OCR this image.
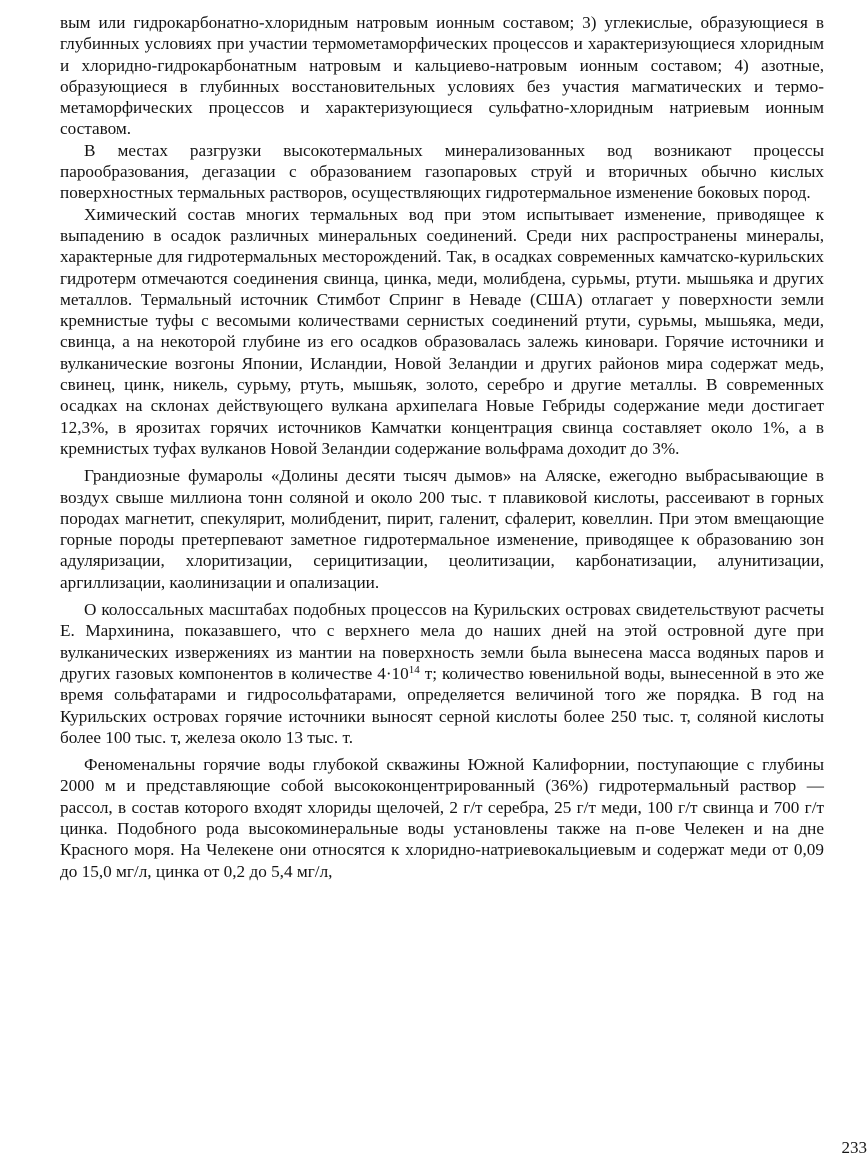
вым или гидрокарбонатно-хлоридным натровым ионным составом; 3) углекислые, образующиеся в глубинных условиях при участии термометаморфических процессов и характеризующиеся хлоридным и хлоридно-гидрокарбонатным натровым и кальциево-натровым ионным составом; 4) азотные, образующиеся в глубинных восстановительных условиях без участия магматических и термометаморфических процессов и характеризующиеся сульфатно-хлоридным натриевым ионным составом.

В местах разгрузки высокотермальных минерализованных вод возникают процессы парообразования, дегазации с образованием газопаровых струй и вторичных обычно кислых поверхностных термальных растворов, осуществляющих гидротермальное изменение боковых пород.

Химический состав многих термальных вод при этом испытывает изменение, приводящее к выпадению в осадок различных минеральных соединений. Среди них распространены минералы, характерные для гидротермальных месторождений. Так, в осадках современных камчатско-курильских гидротерм отмечаются соединения свинца, цинка, меди, молибдена, сурьмы, ртути. мышьяка и других металлов. Термальный источник Стимбот Спринг в Неваде (США) отлагает у поверхности земли кремнистые туфы с весомыми количествами сернистых соединений ртути, сурьмы, мышьяка, меди, свинца, а на некоторой глубине из его осадков образовалась залежь киновари. Горячие источники и вулканические возгоны Японии, Исландии, Новой Зеландии и других районов мира содержат медь, свинец, цинк, никель, сурьму, ртуть, мышьяк, золото, серебро и другие металлы. В современных осадках на склонах действующего вулкана архипелага Новые Гебриды содержание меди достигает 12,3%, в ярозитах горячих источников Камчатки концентрация свинца составляет около 1%, а в кремнистых туфах вулканов Новой Зеландии содержание вольфрама доходит до 3%.

Грандиозные фумаролы «Долины десяти тысяч дымов» на Аляске, ежегодно выбрасывающие в воздух свыше миллиона тонн соляной и около 200 тыс. т плавиковой кислоты, рассеивают в горных породах магнетит, спекулярит, молибденит, пирит, галенит, сфалерит, ковеллин. При этом вмещающие горные породы претерпевают заметное гидротермальное изменение, приводящее к образованию зон адуляризации, хлоритизации, серицитизации, цеолитизации, карбонатизации, алунитизации, аргиллизации, каолинизации и опализации.

О колоссальных масштабах подобных процессов на Курильских островах свидетельствуют расчеты Е. Мархинина, показавшего, что с верхнего мела до наших дней на этой островной дуге при вулканических извержениях из мантии на поверхность земли была вынесена масса водяных паров и других газовых компонентов в количестве $4\cdot 10^{14}$ т; количество ювенильной воды, вынесенной в это же время сольфатарами и гидросольфатарами, определяется величиной того же порядка. В год на Курильских островах горячие источники выносят серной кислоты более 250 тыс. т, соляной кислоты более 100 тыс. т, железа около 13 тыс. т.

Феноменальны горячие воды глубокой скважины Южной Калифорнии, поступающие с глубины 2000 м и представляющие собой высококонцентрированный (36%) гидротермальный раствор — рассол, в состав которого входят хлориды щелочей, 2 г/т серебра, 25 г/т меди, 100 г/т свинца и 700 г/т цинка. Подобного рода высокоминеральные воды установлены также на п-ове Челекен и на дне Красного моря. На Челекене они относятся к хлоридно-натриевокальциевым и содержат меди от 0,09 до 15,0 мг/л, цинка от 0,2 до 5,4 мг/л,

233
